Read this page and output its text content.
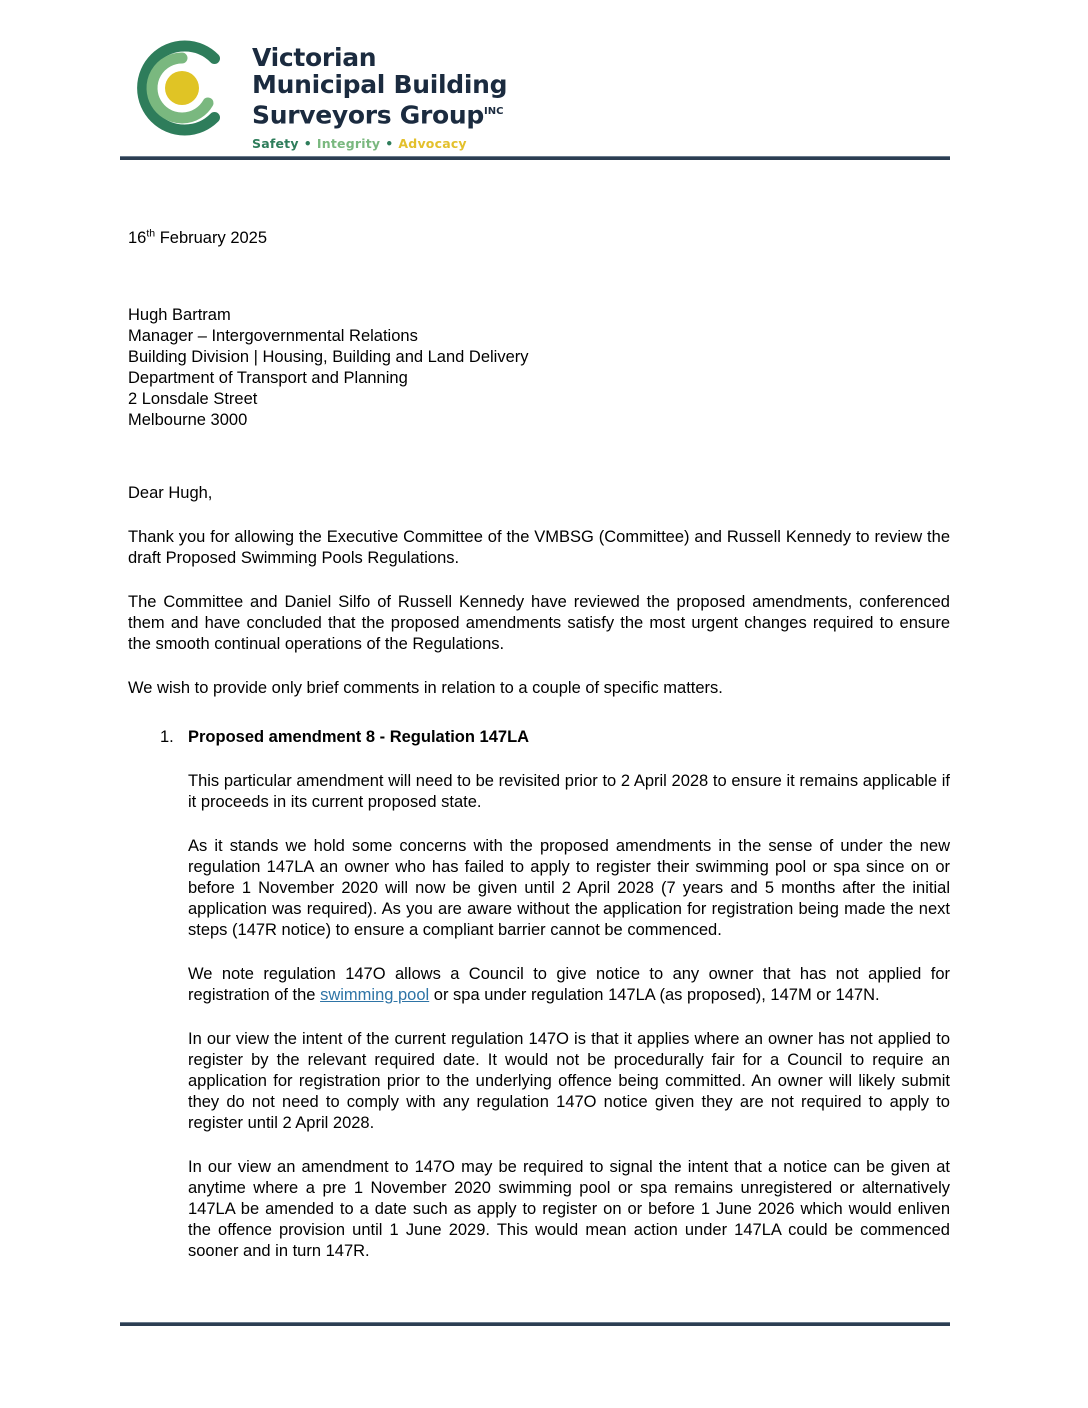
Victorian
Municipal Building
Surveyors Group$^{INC}$
Safety • Integrity • Advocacy
16th February 2025
Hugh Bartram
Manager – Intergovernmental Relations
Building Division | Housing, Building and Land Delivery
Department of Transport and Planning
2 Lonsdale Street
Melbourne 3000
Dear Hugh,
Thank you for allowing the Executive Committee of the VMBSG (Committee) and Russell Kennedy to review the draft Proposed Swimming Pools Regulations.
The Committee and Daniel Silfo of Russell Kennedy have reviewed the proposed amendments, conferenced them and have concluded that the proposed amendments satisfy the most urgent changes required to ensure the smooth continual operations of the Regulations.
We wish to provide only brief comments in relation to a couple of specific matters.
1. Proposed amendment 8 - Regulation 147LA
This particular amendment will need to be revisited prior to 2 April 2028 to ensure it remains applicable if it proceeds in its current proposed state.
As it stands we hold some concerns with the proposed amendments in the sense of under the new regulation 147LA an owner who has failed to apply to register their swimming pool or spa since on or before 1 November 2020 will now be given until 2 April 2028 (7 years and 5 months after the initial application was required). As you are aware without the application for registration being made the next steps (147R notice) to ensure a compliant barrier cannot be commenced.
We note regulation 147O allows a Council to give notice to any owner that has not applied for registration of the swimming pool or spa under regulation 147LA (as proposed), 147M or 147N.
In our view the intent of the current regulation 147O is that it applies where an owner has not applied to register by the relevant required date. It would not be procedurally fair for a Council to require an application for registration prior to the underlying offence being committed. An owner will likely submit they do not need to comply with any regulation 147O notice given they are not required to apply to register until 2 April 2028.
In our view an amendment to 147O may be required to signal the intent that a notice can be given at anytime where a pre 1 November 2020 swimming pool or spa remains unregistered or alternatively 147LA be amended to a date such as apply to register on or before 1 June 2026 which would enliven the offence provision until 1 June 2029. This would mean action under 147LA could be commenced sooner and in turn 147R.
